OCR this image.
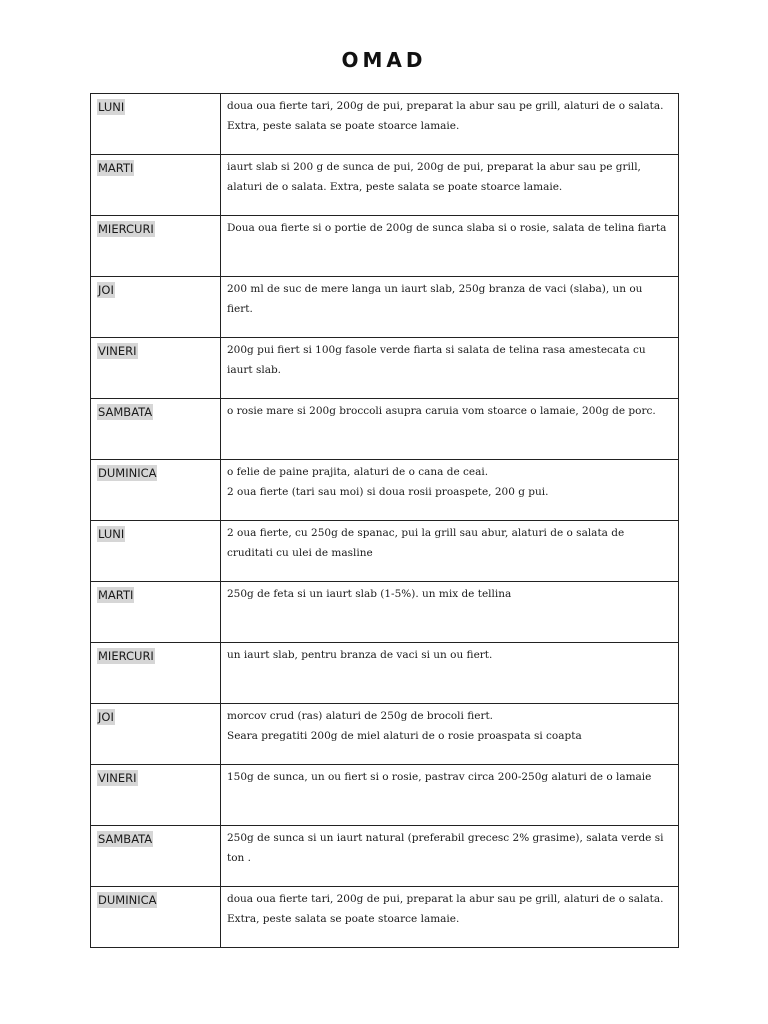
OMAD
LUNI	doua oua fierte tari, 200g de pui, preparat la abur sau pe grill, alaturi de o salata. Extra, peste salata se poate stoarce lamaie.

MARTI	iaurt slab si 200 g de sunca de pui, 200g de pui, preparat la abur sau pe grill, alaturi de o salata. Extra, peste salata se poate stoarce lamaie.

MIERCURI	Doua oua fierte si o portie de 200g de sunca slaba si o rosie, salata de telina fiarta

JOI	200 ml de suc de mere langa un iaurt slab, 250g branza de vaci (slaba), un ou fiert.

VINERI	200g pui fiert si 100g fasole verde fiarta si salata de telina rasa amestecata cu iaurt slab.

SAMBATA	o rosie mare si 200g broccoli asupra caruia vom stoarce o lamaie, 200g de porc.

DUMINICA	o felie de paine prajita, alaturi de o cana de ceai.
2 oua fierte (tari sau moi) si doua rosii proaspete, 200 g pui.

LUNI	2 oua fierte, cu 250g de spanac, pui la grill sau abur, alaturi de o salata de cruditati cu ulei de masline

MARTI	250g de feta si un iaurt slab (1-5%). un mix de tellina

MIERCURI	un iaurt slab, pentru branza de vaci si un ou fiert.

JOI	morcov crud (ras) alaturi de 250g de brocoli fiert.
Seara pregatiti 200g de miel alaturi de o rosie proaspata si coapta

VINERI	150g de sunca, un ou fiert si o rosie, pastrav circa 200-250g alaturi de o lamaie

SAMBATA	250g de sunca si un iaurt natural (preferabil grecesc 2% grasime), salata verde si ton .

DUMINICA	doua oua fierte tari, 200g de pui, preparat la abur sau pe grill, alaturi de o salata. Extra, peste salata se poate stoarce lamaie.
